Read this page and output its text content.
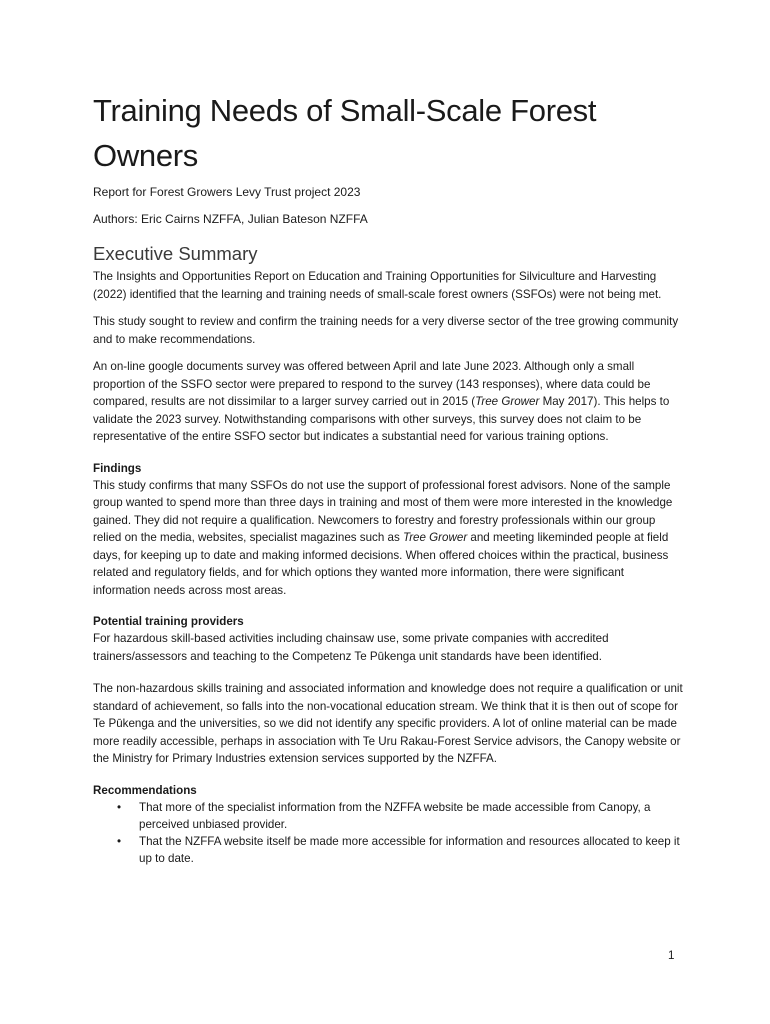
Training Needs of Small-Scale Forest Owners

Report for Forest Growers Levy Trust project 2023

Authors: Eric Cairns NZFFA, Julian Bateson NZFFA

Executive Summary

The Insights and Opportunities Report on Education and Training Opportunities for Silviculture and Harvesting (2022) identified that the learning and training needs of small-scale forest owners (SSFOs) were not being met.

This study sought to review and confirm the training needs for a very diverse sector of the tree growing community and to make recommendations.

An on-line google documents survey was offered between April and late June 2023. Although only a small proportion of the SSFO sector were prepared to respond to the survey (143 responses), where data could be compared, results are not dissimilar to a larger survey carried out in 2015 (Tree Grower May 2017). This helps to validate the 2023 survey. Notwithstanding comparisons with other surveys, this survey does not claim to be representative of the entire SSFO sector but indicates a substantial need for various training options.

Findings

This study confirms that many SSFOs do not use the support of professional forest advisors. None of the sample group wanted to spend more than three days in training and most of them were more interested in the knowledge gained. They did not require a qualification. Newcomers to forestry and forestry professionals within our group relied on the media, websites, specialist magazines such as Tree Grower and meeting likeminded people at field days, for keeping up to date and making informed decisions. When offered choices within the practical, business related and regulatory fields, and for which options they wanted more information, there were significant information needs across most areas.

Potential training providers

For hazardous skill-based activities including chainsaw use, some private companies with accredited trainers/assessors and teaching to the Competenz Te Pūkenga unit standards have been identified.

The non-hazardous skills training and associated information and knowledge does not require a qualification or unit standard of achievement, so falls into the non-vocational education stream. We think that it is then out of scope for Te Pūkenga and the universities, so we did not identify any specific providers. A lot of online material can be made more readily accessible, perhaps in association with Te Uru Rakau-Forest Service advisors, the Canopy website or the Ministry for Primary Industries extension services supported by the NZFFA.

Recommendations
• That more of the specialist information from the NZFFA website be made accessible from Canopy, a perceived unbiased provider.
• That the NZFFA website itself be made more accessible for information and resources allocated to keep it up to date.
1
